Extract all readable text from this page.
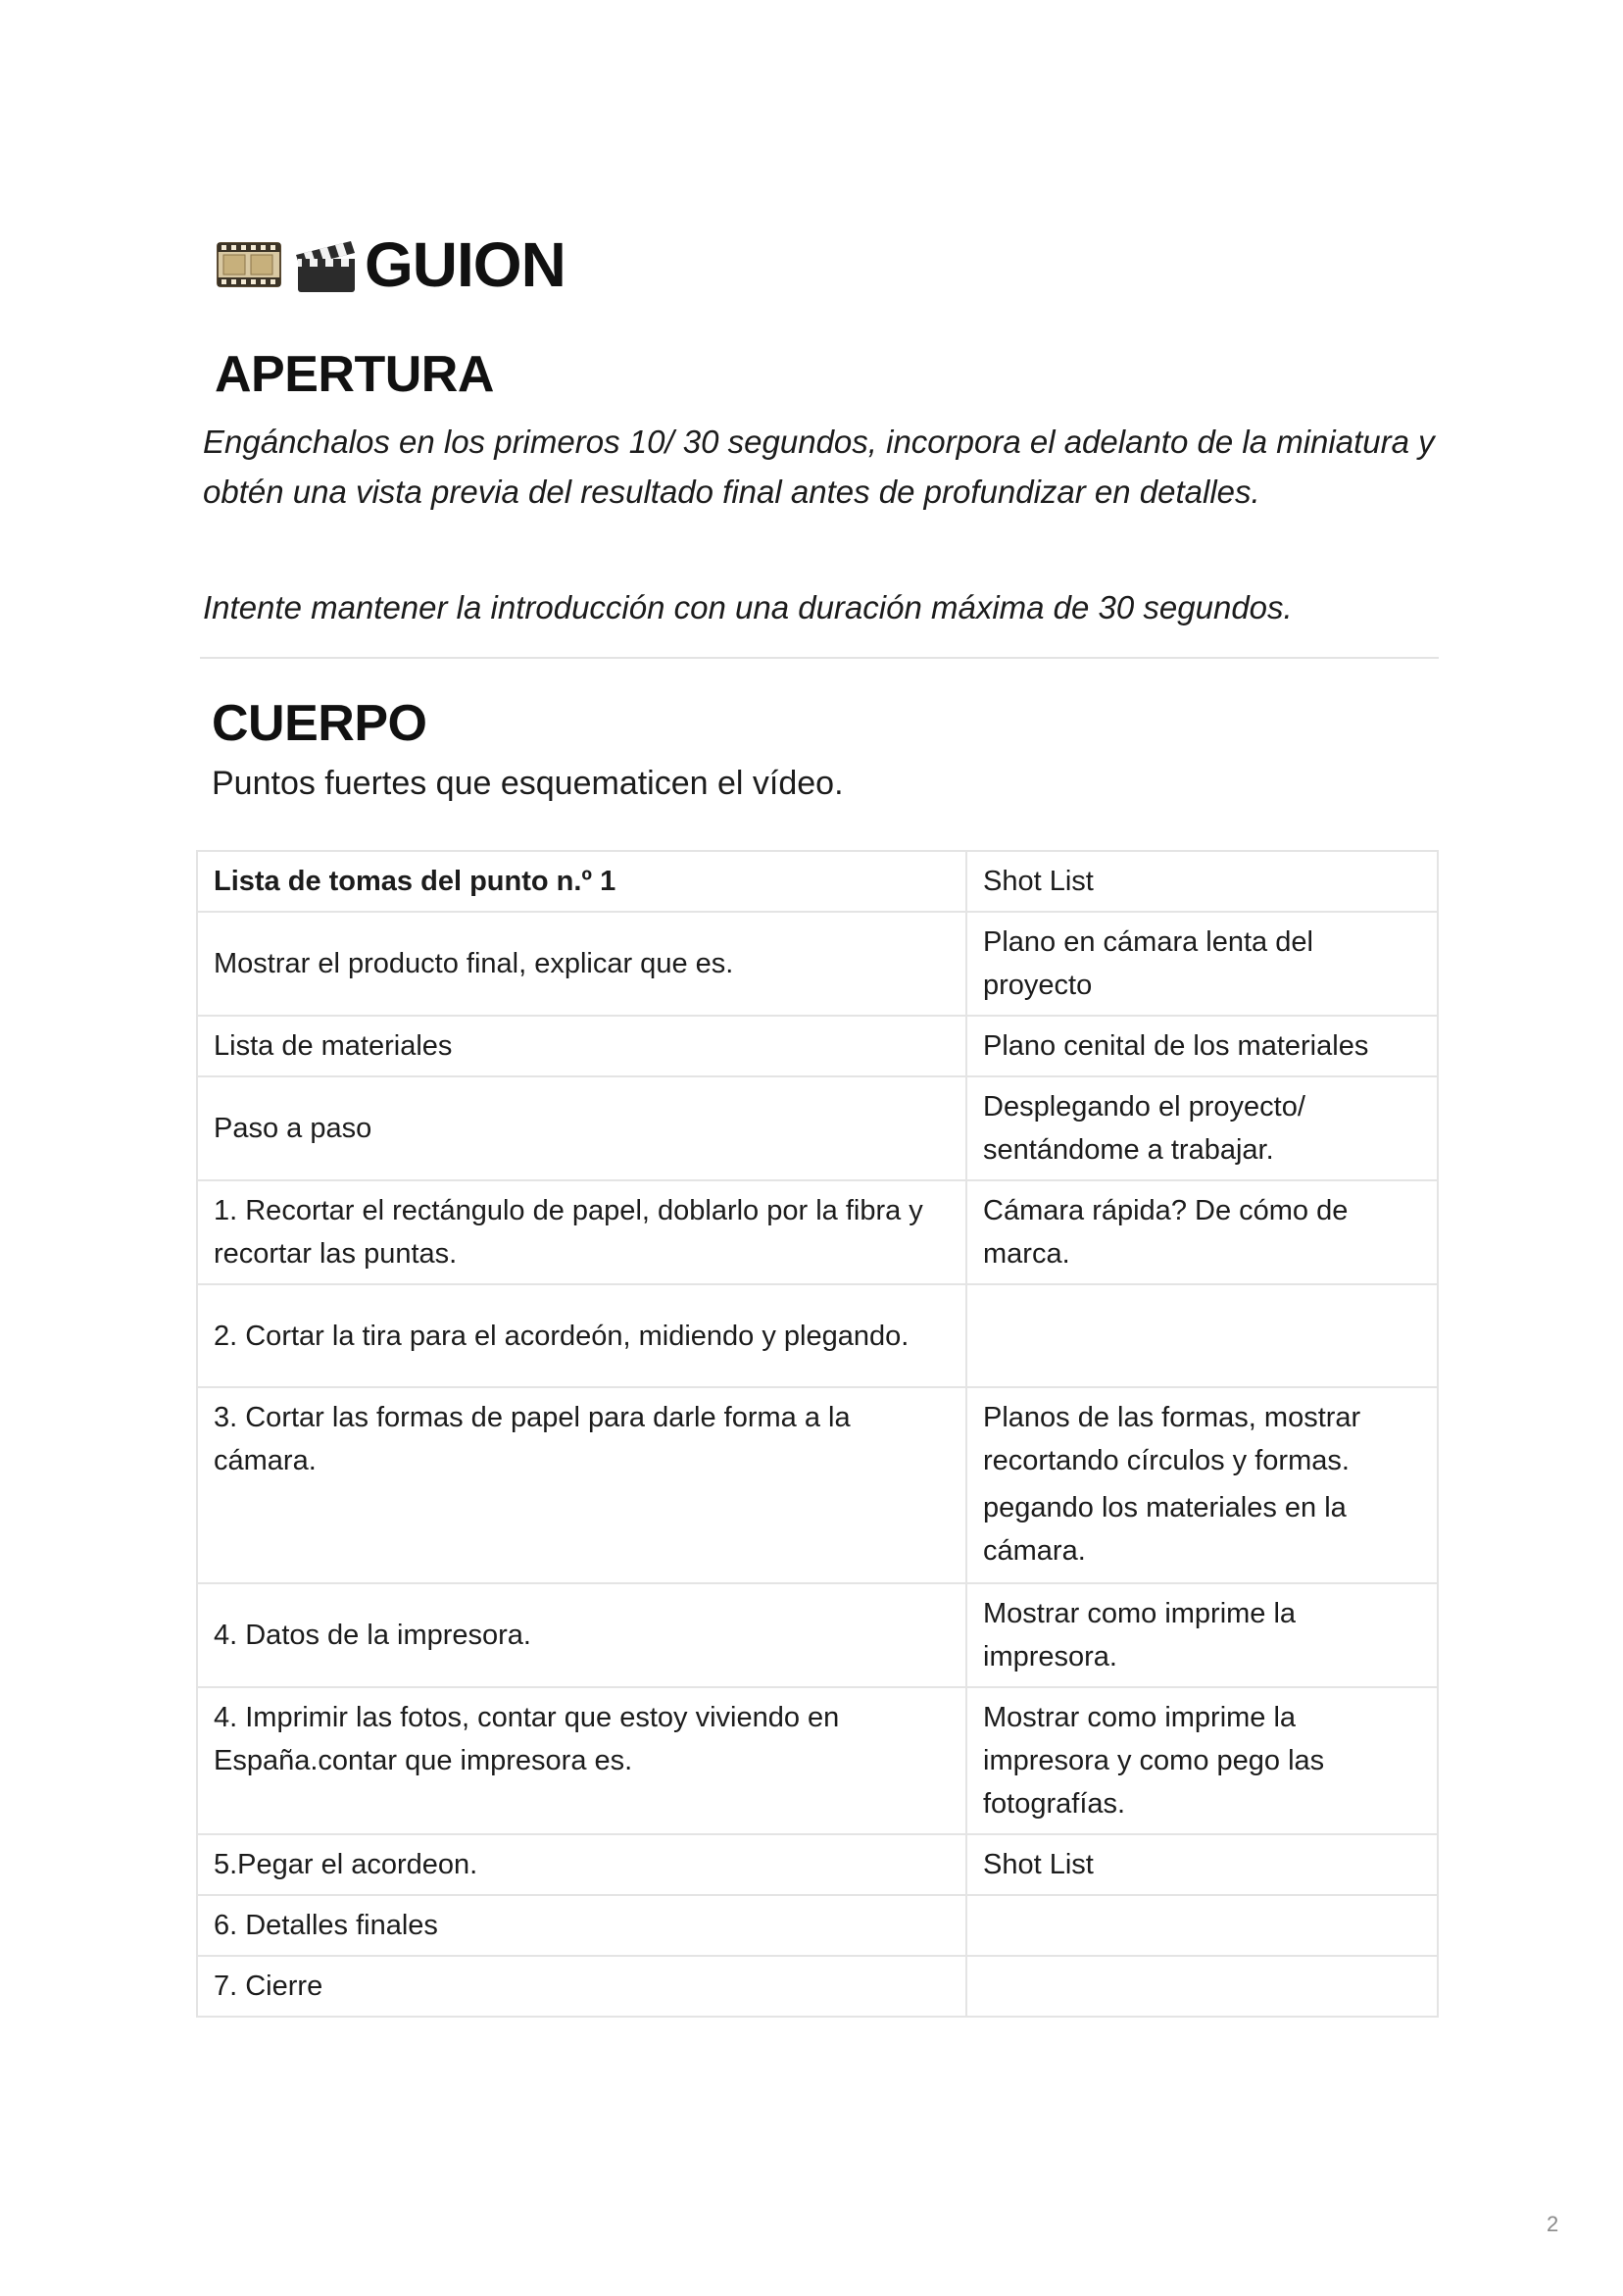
GUION
APERTURA

Engánchalos en los primeros 10/ 30 segundos, incorpora el adelanto de la miniatura y obtén una vista previa del resultado final antes de profundizar en detalles.

Intente mantener la introducción con una duración máxima de 30 segundos.

CUERPO

Puntos fuertes que esquematicen el vídeo.

Lista de tomas del punto n.º 1	Shot List
Mostrar el producto final, explicar que es.	Plano en cámara lenta del proyecto
Lista de materiales	Plano cenital de los materiales
Paso a paso	Desplegando el proyecto/ sentándome a trabajar.
1. Recortar el rectángulo de papel, doblarlo por la fibra y recortar las puntas.	Cámara rápida? De cómo de marca.
2. Cortar la tira para el acordeón, midiendo y plegando.	
3. Cortar las formas de papel para darle forma a la cámara.	Planos de las formas, mostrar recortando círculos y formas.
pegando los materiales en la cámara.

4. Datos de la impresora.	Mostrar como imprime la impresora.
4. Imprimir las fotos, contar que estoy viviendo en España.contar que impresora es.	Mostrar como imprime la impresora y como pego las fotografías.
5.Pegar el acordeon.	Shot List
6. Detalles finales	
7. Cierre	
2
